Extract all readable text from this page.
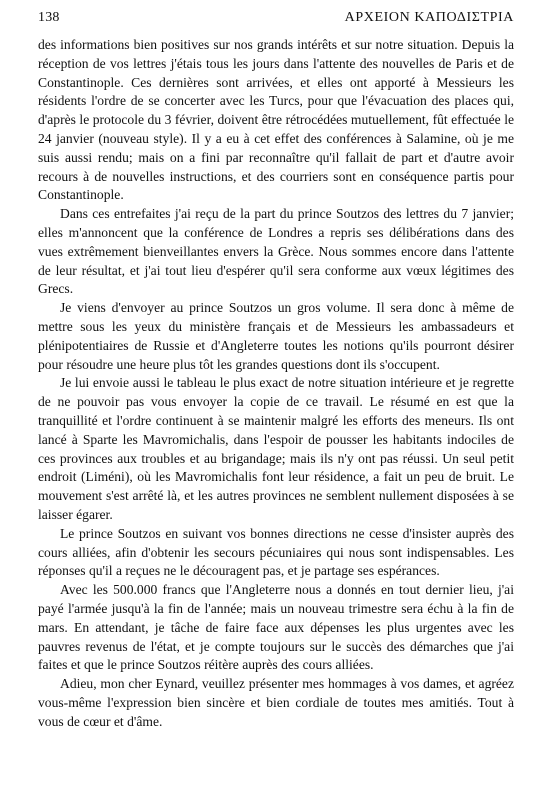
138	ΑΡΧΕΙΟΝ ΚΑΠΟΔΙΣΤΡΙΑ

des informations bien positives sur nos grands intérêts et sur notre situation. Depuis la réception de vos lettres j'étais tous les jours dans l'attente des nouvelles de Paris et de Constantinople. Ces dernières sont arrivées, et elles ont apporté à Messieurs les résidents l'ordre de se concerter avec les Turcs, pour que l'évacuation des places qui, d'après le protocole du 3 février, doivent être rétrocédées mutuellement, fût effectuée le 24 janvier (nouveau style). Il y a eu à cet effet des conférences à Salamine, où je me suis aussi rendu; mais on a fini par reconnaître qu'il fallait de part et d'autre avoir recours à de nouvelles instructions, et des courriers sont en conséquence partis pour Constantinople.

Dans ces entrefaites j'ai reçu de la part du prince Soutzos des lettres du 7 janvier; elles m'annoncent que la conférence de Londres a repris ses délibérations dans des vues extrêmement bienveillantes envers la Grèce. Nous sommes encore dans l'attente de leur résultat, et j'ai tout lieu d'espérer qu'il sera conforme aux vœux légitimes des Grecs.

Je viens d'envoyer au prince Soutzos un gros volume. Il sera donc à même de mettre sous les yeux du ministère français et de Messieurs les ambassadeurs et plénipotentiaires de Russie et d'Angleterre toutes les notions qu'ils pourront désirer pour résoudre une heure plus tôt les grandes questions dont ils s'occupent.

Je lui envoie aussi le tableau le plus exact de notre situation intérieure et je regrette de ne pouvoir pas vous envoyer la copie de ce travail. Le résumé en est que la tranquillité et l'ordre continuent à se maintenir malgré les efforts des meneurs. Ils ont lancé à Sparte les Mavromichalis, dans l'espoir de pousser les habitants indociles de ces provinces aux troubles et au brigandage; mais ils n'y ont pas réussi. Un seul petit endroit (Liméni), où les Mavromichalis font leur résidence, a fait un peu de bruit. Le mouvement s'est arrêté là, et les autres provinces ne semblent nullement disposées à se laisser égarer.

Le prince Soutzos en suivant vos bonnes directions ne cesse d'insister auprès des cours alliées, afin d'obtenir les secours pécuniaires qui nous sont indispensables. Les réponses qu'il a reçues ne le découragent pas, et je partage ses espérances.

Avec les 500.000 francs que l'Angleterre nous a donnés en tout dernier lieu, j'ai payé l'armée jusqu'à la fin de l'année; mais un nouveau trimestre sera échu à la fin de mars. En attendant, je tâche de faire face aux dépenses les plus urgentes avec les pauvres revenus de l'état, et je compte toujours sur le succès des démarches que j'ai faites et que le prince Soutzos réitère auprès des cours alliées.

Adieu, mon cher Eynard, veuillez présenter mes hommages à vos dames, et agréez vous-même l'expression bien sincère et bien cordiale de toutes mes amitiés. Tout à vous de cœur et d'âme.
